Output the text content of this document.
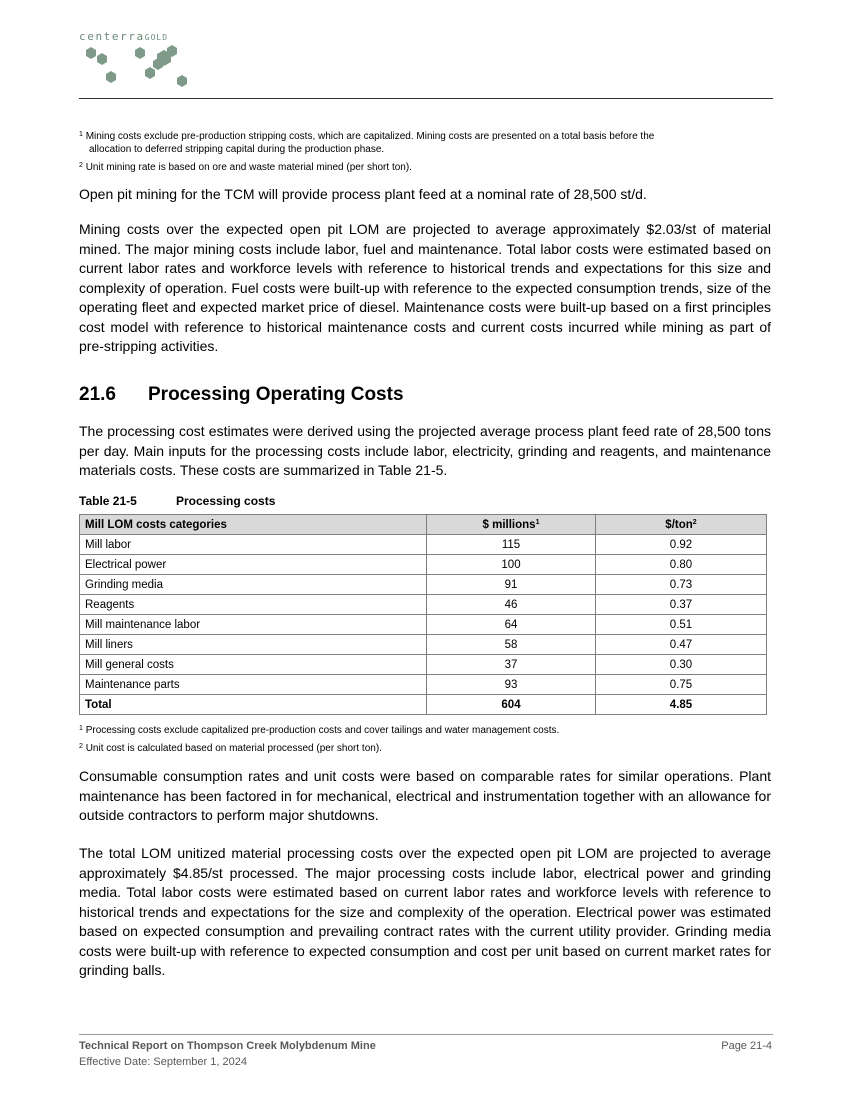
centerraGOLD
$^1$ Mining costs exclude pre-production stripping costs, which are capitalized. Mining costs are presented on a total basis before the
allocation to deferred stripping capital during the production phase.
$^2$ Unit mining rate is based on ore and waste material mined (per short ton).
Open pit mining for the TCM will provide process plant feed at a nominal rate of 28,500 st/d.
Mining costs over the expected open pit LOM are projected to average approximately $2.03/st of material mined. The major mining costs include labor, fuel and maintenance. Total labor costs were estimated based on current labor rates and workforce levels with reference to historical trends and expectations for this size and complexity of operation. Fuel costs were built-up with reference to the expected consumption trends, size of the operating fleet and expected market price of diesel. Maintenance costs were built-up based on a first principles cost model with reference to historical maintenance costs and current costs incurred while mining as part of pre-stripping activities.
21.6 Processing Operating Costs
The processing cost estimates were derived using the projected average process plant feed rate of 28,500 tons per day. Main inputs for the processing costs include labor, electricity, grinding and reagents, and maintenance materials costs. These costs are summarized in Table 21-5.
Table 21-5	Processing costs
Mill LOM costs categories	$ millions$^1$	$/ton$^2$
Mill labor	115	0.92
Electrical power	100	0.80
Grinding media	91	0.73
Reagents	46	0.37
Mill maintenance labor	64	0.51
Mill liners	58	0.47
Mill general costs	37	0.30
Maintenance parts	93	0.75
Total	604	4.85
$^1$ Processing costs exclude capitalized pre-production costs and cover tailings and water management costs.
$^2$ Unit cost is calculated based on material processed (per short ton).
Consumable consumption rates and unit costs were based on comparable rates for similar operations. Plant maintenance has been factored in for mechanical, electrical and instrumentation together with an allowance for outside contractors to perform major shutdowns.
The total LOM unitized material processing costs over the expected open pit LOM are projected to average approximately $4.85/st processed. The major processing costs include labor, electrical power and grinding media. Total labor costs were estimated based on current labor rates and workforce levels with reference to historical trends and expectations for the size and complexity of the operation. Electrical power was estimated based on expected consumption and prevailing contract rates with the current utility provider. Grinding media costs were built-up with reference to expected consumption and cost per unit based on current market rates for grinding balls.
Technical Report on Thompson Creek Molybdenum Mine
Effective Date: September 1, 2024
Page 21-4
